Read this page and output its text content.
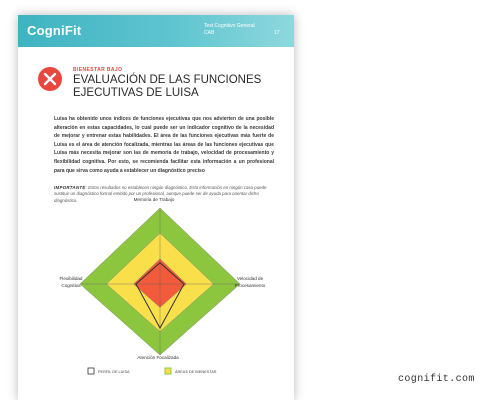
CogniFit	Test Cognitivo General
CAB	17
BIENESTAR BAJO
EVALUACIÓN DE LAS FUNCIONES
EJECUTIVAS DE LUISA

Luisa ha obtenido unos índices de funciones ejecutivas que nos advierten de una posible alteración en estas capacidades, lo cual puede ser un indicador cognitivo de la necesidad de mejorar y entrenar estas habilidades. El área de las funciones ejecutivas más fuerte de Luisa es el área de atención focalizada, mientras las áreas de las funciones ejecutivas que Luisa más necesita mejorar son las de memoria de trabajo, velocidad de procesamiento y flexibilidad cognitiva. Por esto, se recomienda facilitar esta información a un profesional para que sirva como ayuda a establecer un diagnóstico preciso

IMPORTANTE: Estos resultados no establecen ningún diagnóstico. Esta información en ningún caso puede sustituir un diagnóstico formal emitido por un profesional, aunque puede ser de ayuda para orientar dicho diagnóstico.	Memoria de Trabajo
Velocidad de
Procesamiento
Atención Focalizada
Flexibilidad
Cognitiva
PERFIL DE LUISA	ÁREAS DE BIENESTAR
cognifit.com
